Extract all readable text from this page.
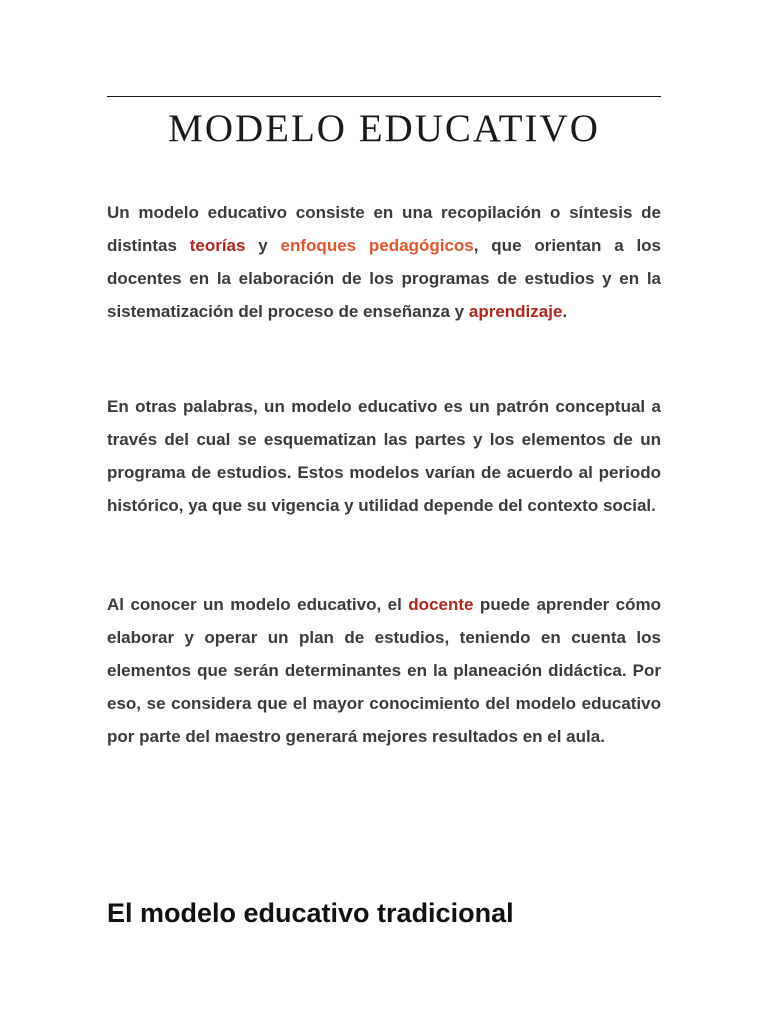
MODELO EDUCATIVO

Un modelo educativo consiste en una recopilación o síntesis de distintas teorías y enfoques pedagógicos, que orientan a los docentes en la elaboración de los programas de estudios y en la sistematización del proceso de enseñanza y aprendizaje.

En otras palabras, un modelo educativo es un patrón conceptual a través del cual se esquematizan las partes y los elementos de un programa de estudios. Estos modelos varían de acuerdo al periodo histórico, ya que su vigencia y utilidad depende del contexto social.

Al conocer un modelo educativo, el docente puede aprender cómo elaborar y operar un plan de estudios, teniendo en cuenta los elementos que serán determinantes en la planeación didáctica. Por eso, se considera que el mayor conocimiento del modelo educativo por parte del maestro generará mejores resultados en el aula.

El modelo educativo tradicional
